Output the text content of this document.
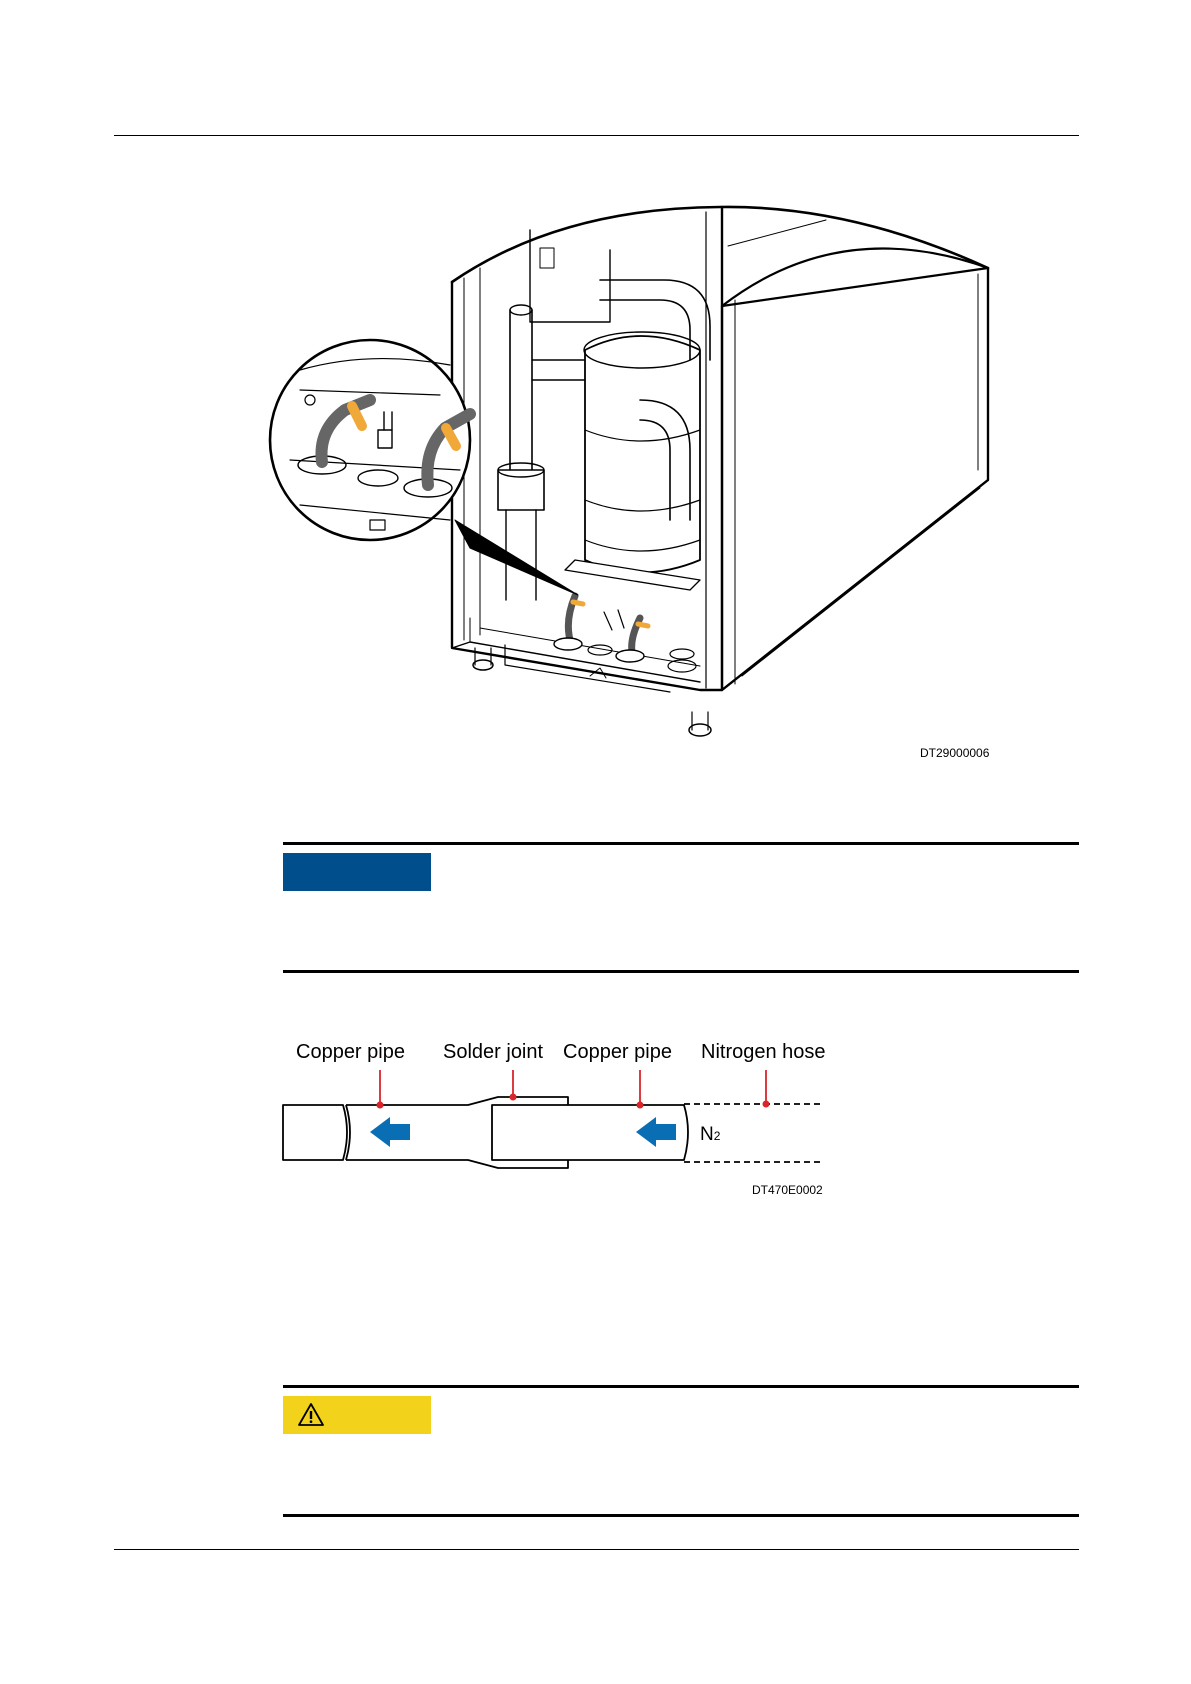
DT29000006
Copper pipe Solder joint Copper pipe Nitrogen hose
N2
DT470E0002
